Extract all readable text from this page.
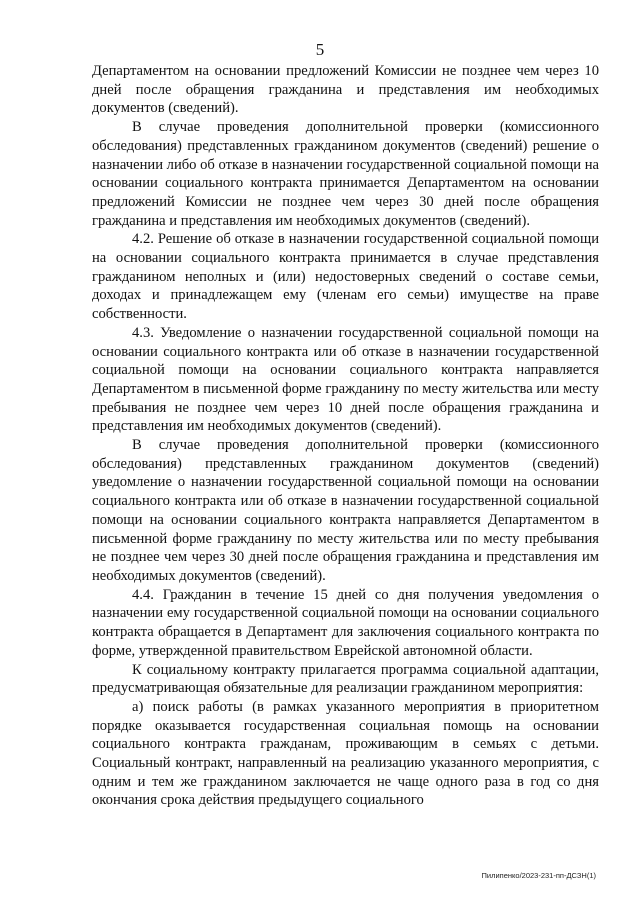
5

Департаментом на основании предложений Комиссии не позднее чем через 10 дней после обращения гражданина и представления им необходимых документов (сведений).

В случае проведения дополнительной проверки (комиссионного обследования) представленных гражданином документов (сведений) решение о назначении либо об отказе в назначении государственной социальной помощи на основании социального контракта принимается Департаментом на основании предложений Комиссии не позднее чем через 30 дней после обращения гражданина и представления им необходимых документов (сведений).

4.2. Решение об отказе в назначении государственной социальной помощи на основании социального контракта принимается в случае представления гражданином неполных и (или) недостоверных сведений о составе семьи, доходах и принадлежащем ему (членам его семьи) имуществе на праве собственности.

4.3. Уведомление о назначении государственной социальной помощи на основании социального контракта или об отказе в назначении государственной социальной помощи на основании социального контракта направляется Департаментом в письменной форме гражданину по месту жительства или месту пребывания не позднее чем через 10 дней после обращения гражданина и представления им необходимых документов (сведений).

В случае проведения дополнительной проверки (комиссионного обследования) представленных гражданином документов (сведений) уведомление о назначении государственной социальной помощи на основании социального контракта или об отказе в назначении государственной социальной помощи на основании социального контракта направляется Департаментом в письменной форме гражданину по месту жительства или по месту пребывания не позднее чем через 30 дней после обращения гражданина и представления им необходимых документов (сведений).

4.4. Гражданин в течение 15 дней со дня получения уведомления о назначении ему государственной социальной помощи на основании социального контракта обращается в Департамент для заключения социального контракта по форме, утвержденной правительством Еврейской автономной области.

К социальному контракту прилагается программа социальной адаптации, предусматривающая обязательные для реализации гражданином мероприятия:

а) поиск работы (в рамках указанного мероприятия в приоритетном порядке оказывается государственная социальная помощь на основании социального контракта гражданам, проживающим в семьях с детьми. Социальный контракт, направленный на реализацию указанного мероприятия, с одним и тем же гражданином заключается не чаще одного раза в год со дня окончания срока действия предыдущего социального

Пилипенко/2023-231-пп-ДСЗН(1)
